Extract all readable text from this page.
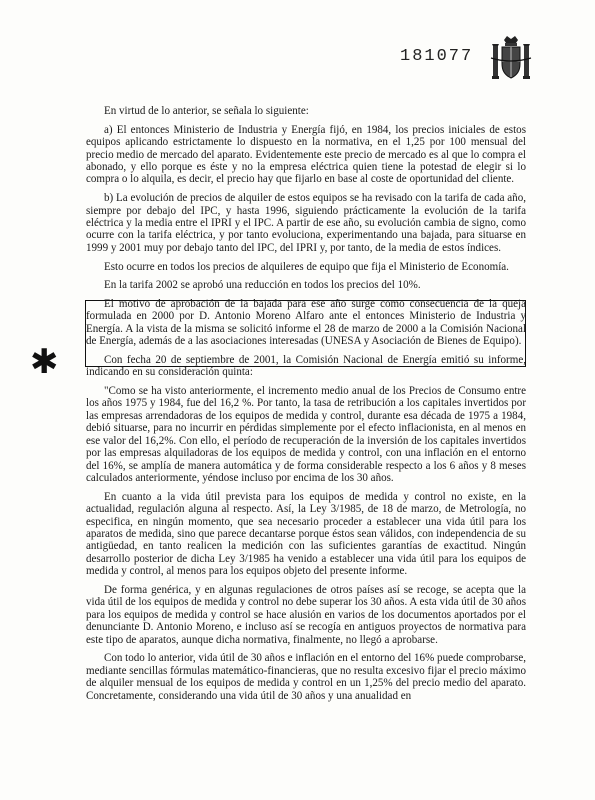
181077
✱

En virtud de lo anterior, se señala lo siguiente:

a) El entonces Ministerio de Industria y Energía fijó, en 1984, los precios iniciales de estos equipos aplicando estrictamente lo dispuesto en la normativa, en el 1,25 por 100 mensual del precio medio de mercado del aparato. Evidentemente este precio de mercado es al que lo compra el abonado, y ello porque es éste y no la empresa eléctrica quien tiene la potestad de elegir si lo compra o lo alquila, es decir, el precio hay que fijarlo en base al coste de oportunidad del cliente.

b) La evolución de precios de alquiler de estos equipos se ha revisado con la tarifa de cada año, siempre por debajo del IPC, y hasta 1996, siguiendo prácticamente la evolución de la tarifa eléctrica y la media entre el IPRI y el IPC. A partir de ese año, su evolución cambia de signo, como ocurre con la tarifa eléctrica, y por tanto evoluciona, experimentando una bajada, para situarse en 1999 y 2001 muy por debajo tanto del IPC, del IPRI y, por tanto, de la media de estos índices.

Esto ocurre en todos los precios de alquileres de equipo que fija el Ministerio de Economía.

En la tarifa 2002 se aprobó una reducción en todos los precios del 10%.

El motivo de aprobación de la bajada para ese año surge como consecuencia de la queja formulada en 2000 por D. Antonio Moreno Alfaro ante el entonces Ministerio de Industria y Energía. A la vista de la misma se solicitó informe el 28 de marzo de 2000 a la Comisión Nacional de Energía, además de a las asociaciones interesadas (UNESA y Asociación de Bienes de Equipo).

Con fecha 20 de septiembre de 2001, la Comisión Nacional de Energía emitió su informe, indicando en su consideración quinta:

"Como se ha visto anteriormente, el incremento medio anual de los Precios de Consumo entre los años 1975 y 1984, fue del 16,2 %. Por tanto, la tasa de retribución a los capitales invertidos por las empresas arrendadoras de los equipos de medida y control, durante esa década de 1975 a 1984, debió situarse, para no incurrir en pérdidas simplemente por el efecto inflacionista, en al menos en ese valor del 16,2%. Con ello, el período de recuperación de la inversión de los capitales invertidos por las empresas alquiladoras de los equipos de medida y control, con una inflación en el entorno del 16%, se amplía de manera automática y de forma considerable respecto a los 6 años y 8 meses calculados anteriormente, yéndose incluso por encima de los 30 años.

En cuanto a la vida útil prevista para los equipos de medida y control no existe, en la actualidad, regulación alguna al respecto. Así, la Ley 3/1985, de 18 de marzo, de Metrología, no especifica, en ningún momento, que sea necesario proceder a establecer una vida útil para los aparatos de medida, sino que parece decantarse porque éstos sean válidos, con independencia de su antigüedad, en tanto realicen la medición con las suficientes garantías de exactitud. Ningún desarrollo posterior de dicha Ley 3/1985 ha venido a establecer una vida útil para los equipos de medida y control, al menos para los equipos objeto del presente informe.

De forma genérica, y en algunas regulaciones de otros países así se recoge, se acepta que la vida útil de los equipos de medida y control no debe superar los 30 años. A esta vida útil de 30 años para los equipos de medida y control se hace alusión en varios de los documentos aportados por el denunciante D. Antonio Moreno, e incluso así se recogía en antiguos proyectos de normativa para este tipo de aparatos, aunque dicha normativa, finalmente, no llegó a aprobarse.

Con todo lo anterior, vida útil de 30 años e inflación en el entorno del 16% puede comprobarse, mediante sencillas fórmulas matemático-financieras, que no resulta excesivo fijar el precio máximo de alquiler mensual de los equipos de medida y control en un 1,25% del precio medio del aparato. Concretamente, considerando una vida útil de 30 años y una anualidad en
